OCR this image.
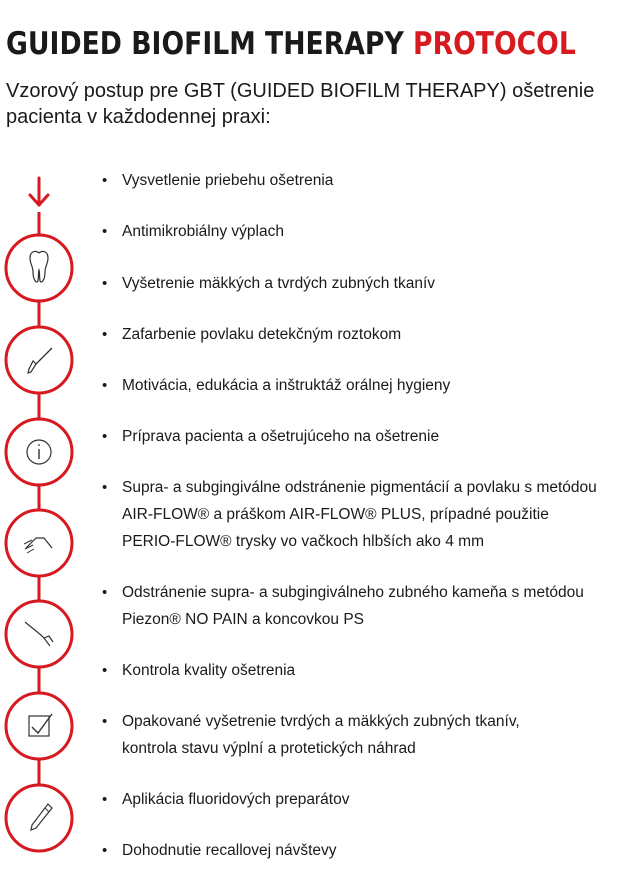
GUIDED BIOFILM THERAPY PROTOCOL

Vzorový postup pre GBT (GUIDED BIOFILM THERAPY) ošetrenie pacienta v každodennej praxi:

• Vysvetlenie priebehu ošetrenia
• Antimikrobiálny výplach
• Vyšetrenie mäkkých a tvrdých zubných tkanív
• Zafarbenie povlaku detekčným roztokom
• Motivácia, edukácia a inštruktáž orálnej hygieny
• Príprava pacienta a ošetrujúceho na ošetrenie
• Supra- a subgingiválne odstránenie pigmentácií a povlaku s metódou
AIR-FLOW® a práškom AIR-FLOW® PLUS, prípadné použitie
PERIO-FLOW® trysky vo vačkoch hlbších ako 4 mm
• Odstránenie supra- a subgingiválneho zubného kameňa s metódou
Piezon® NO PAIN a koncovkou PS
• Kontrola kvality ošetrenia
• Opakované vyšetrenie tvrdých a mäkkých zubných tkanív,
kontrola stavu výplní a protetických náhrad
• Aplikácia fluoridových preparátov
• Dohodnutie recallovej návštevy
